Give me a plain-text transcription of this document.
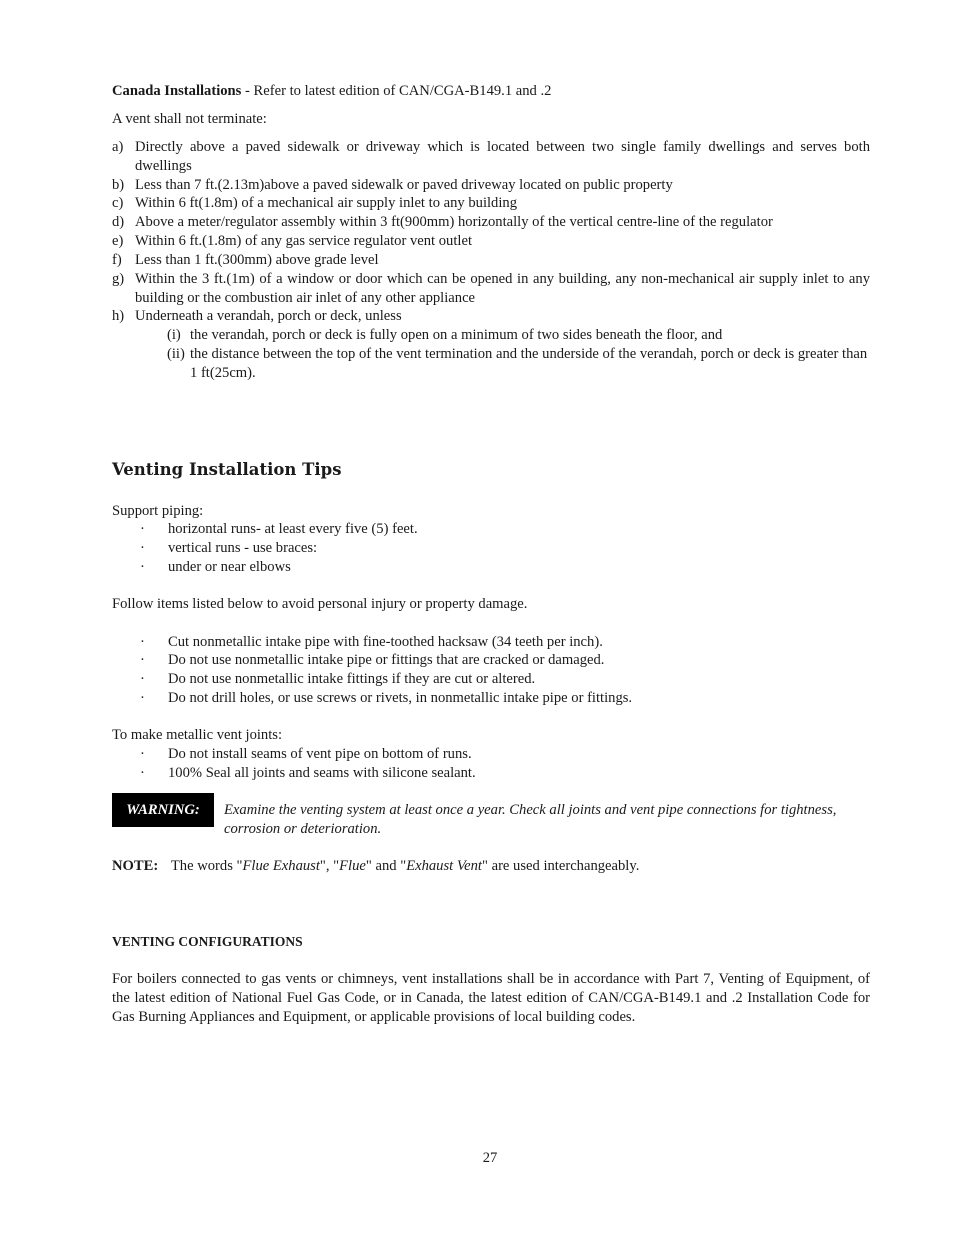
Canada Installations - Refer to latest edition of CAN/CGA-B149.1 and .2
A vent shall not terminate:
a) Directly above a paved sidewalk or driveway which is located between two single family dwellings and serves both dwellings
b) Less than 7 ft.(2.13m)above a paved sidewalk or paved driveway located on public property
c) Within 6 ft(1.8m) of a mechanical air supply inlet to any building
d) Above a meter/regulator assembly within 3 ft(900mm) horizontally of the vertical centre-line of the regulator
e) Within 6 ft.(1.8m) of any gas service regulator vent outlet
f) Less than 1 ft.(300mm) above grade level
g) Within the 3 ft.(1m) of a window or door which can be opened in any building, any non-mechanical air supply inlet to any building or the combustion air inlet of any other appliance
h) Underneath a verandah, porch or deck, unless
(i) the verandah, porch or deck is fully open on a minimum of two sides beneath the floor, and
(ii) the distance between the top of the vent termination and the underside of the verandah, porch or deck is greater than 1 ft(25cm).
Venting Installation Tips
Support piping:
· horizontal runs- at least every five (5) feet.
· vertical runs - use braces:
· under or near elbows
Follow items listed below to avoid personal injury or property damage.
· Cut nonmetallic intake pipe with fine-toothed hacksaw (34 teeth per inch).
· Do not use nonmetallic intake pipe or fittings that are cracked or damaged.
· Do not use nonmetallic intake fittings if they are cut or altered.
· Do not drill holes, or use screws or rivets, in nonmetallic intake pipe or fittings.
To make metallic vent joints:
· Do not install seams of vent pipe on bottom of runs.
· 100% Seal all joints and seams with silicone sealant.
WARNING:	Examine the venting system at least once a year. Check all joints and vent pipe connections for tightness, corrosion or deterioration.
NOTE: The words "Flue Exhaust", "Flue" and "Exhaust Vent" are used interchangeably.
VENTING CONFIGURATIONS
For boilers connected to gas vents or chimneys, vent installations shall be in accordance with Part 7, Venting of Equipment, of the latest edition of National Fuel Gas Code, or in Canada, the latest edition of CAN/CGA-B149.1 and .2 Installation Code for Gas Burning Appliances and Equipment, or applicable provisions of local building codes.
27
